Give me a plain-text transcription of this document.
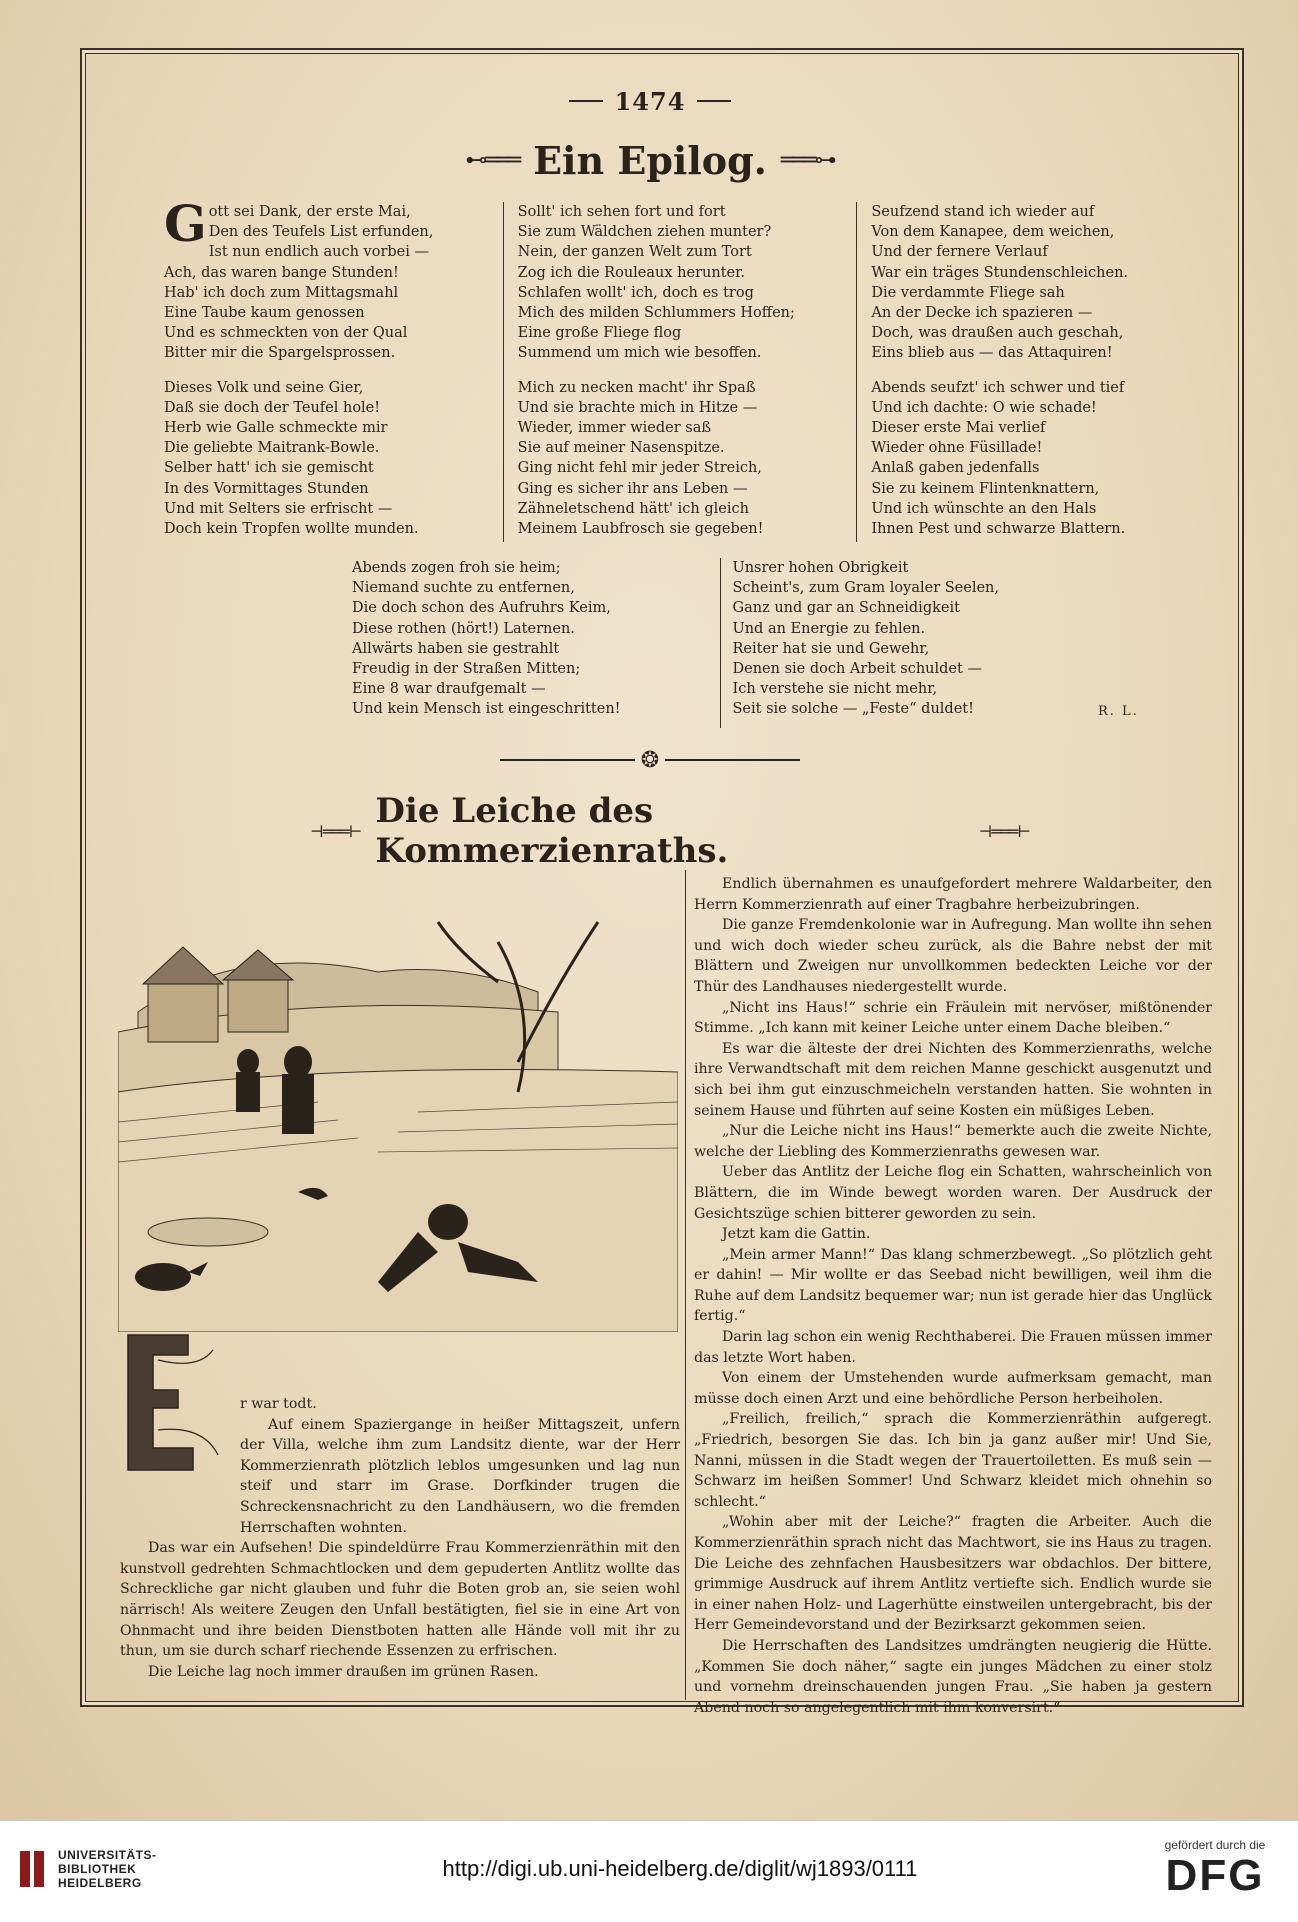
1474
⊷═══ Ein Epilog. ═══⊶
Gott sei Dank, der erste Mai,
Den des Teufels List erfunden,
Ist nun endlich auch vorbei —
Ach, das waren bange Stunden!
Hab' ich doch zum Mittagsmahl
Eine Taube kaum genossen
Und es schmeckten von der Qual
Bitter mir die Spargelsprossen.
Dieses Volk und seine Gier,
Daß sie doch der Teufel hole!
Herb wie Galle schmeckte mir
Die geliebte Maitrank-Bowle.
Selber hatt' ich sie gemischt
In des Vormittages Stunden
Und mit Selters sie erfrischt —
Doch kein Tropfen wollte munden.
Sollt' ich sehen fort und fort
Sie zum Wäldchen ziehen munter?
Nein, der ganzen Welt zum Tort
Zog ich die Rouleaux herunter.
Schlafen wollt' ich, doch es trog
Mich des milden Schlummers Hoffen;
Eine große Fliege flog
Summend um mich wie besoffen.
Mich zu necken macht' ihr Spaß
Und sie brachte mich in Hitze —
Wieder, immer wieder saß
Sie auf meiner Nasenspitze.
Ging nicht fehl mir jeder Streich,
Ging es sicher ihr ans Leben —
Zähneletschend hätt' ich gleich
Meinem Laubfrosch sie gegeben!
Seufzend stand ich wieder auf
Von dem Kanapee, dem weichen,
Und der fernere Verlauf
War ein träges Stundenschleichen.
Die verdammte Fliege sah
An der Decke ich spazieren —
Doch, was draußen auch geschah,
Eins blieb aus — das Attaquiren!
Abends seufzt' ich schwer und tief
Und ich dachte: O wie schade!
Dieser erste Mai verlief
Wieder ohne Füsillade!
Anlaß gaben jedenfalls
Sie zu keinem Flintenknattern,
Und ich wünschte an den Hals
Ihnen Pest und schwarze Blattern.
Abends zogen froh sie heim;
Niemand suchte zu entfernen,
Die doch schon des Aufruhrs Keim,
Diese rothen (hört!) Laternen.
Allwärts haben sie gestrahlt
Freudig in der Straßen Mitten;
Eine 8 war draufgemalt —
Und kein Mensch ist eingeschritten!
Unsrer hohen Obrigkeit
Scheint's, zum Gram loyaler Seelen,
Ganz und gar an Schneidigkeit
Und an Energie zu fehlen.
Reiter hat sie und Gewehr,
Denen sie doch Arbeit schuldet —
Ich verstehe sie nicht mehr,
Seit sie solche — „Feste“ duldet!	R. L.
❂
⊣═══⊢ Die Leiche des Kommerzienraths.	⊣═══⊢

r war todt.

Auf einem Spaziergange in heißer Mittagszeit, unfern der Villa, welche ihm zum Landsitz diente, war der Herr Kommerzienrath plötzlich leblos umgesunken und lag nun steif und starr im Grase. Dorfkinder trugen die Schreckensnachricht zu den Landhäusern, wo die fremden Herrschaften wohnten.

Das war ein Aufsehen! Die spindeldürre Frau Kommerzienräthin mit den kunstvoll gedrehten Schmachtlocken und dem gepuderten Antlitz wollte das Schreckliche gar nicht glauben und fuhr die Boten grob an, sie seien wohl närrisch! Als weitere Zeugen den Unfall bestätigten, fiel sie in eine Art von Ohnmacht und ihre beiden Dienstboten hatten alle Hände voll mit ihr zu thun, um sie durch scharf riechende Essenzen zu erfrischen.

Die Leiche lag noch immer draußen im grünen Rasen.

Endlich übernahmen es unaufgefordert mehrere Waldarbeiter, den Herrn Kommerzienrath auf einer Tragbahre herbeizubringen.

Die ganze Fremdenkolonie war in Aufregung. Man wollte ihn sehen und wich doch wieder scheu zurück, als die Bahre nebst der mit Blättern und Zweigen nur unvollkommen bedeckten Leiche vor der Thür des Landhauses niedergestellt wurde.

„Nicht ins Haus!“ schrie ein Fräulein mit nervöser, mißtönender Stimme. „Ich kann mit keiner Leiche unter einem Dache bleiben.“

Es war die älteste der drei Nichten des Kommerzienraths, welche ihre Verwandtschaft mit dem reichen Manne geschickt ausgenutzt und sich bei ihm gut einzuschmeicheln verstanden hatten. Sie wohnten in seinem Hause und führten auf seine Kosten ein müßiges Leben.

„Nur die Leiche nicht ins Haus!“ bemerkte auch die zweite Nichte, welche der Liebling des Kommerzienraths gewesen war.

Ueber das Antlitz der Leiche flog ein Schatten, wahrscheinlich von Blättern, die im Winde bewegt worden waren. Der Ausdruck der Gesichtszüge schien bitterer geworden zu sein.

Jetzt kam die Gattin.

„Mein armer Mann!“ Das klang schmerzbewegt. „So plötzlich geht er dahin! — Mir wollte er das Seebad nicht bewilligen, weil ihm die Ruhe auf dem Landsitz bequemer war; nun ist gerade hier das Unglück fertig.“

Darin lag schon ein wenig Rechthaberei. Die Frauen müssen immer das letzte Wort haben.

Von einem der Umstehenden wurde aufmerksam gemacht, man müsse doch einen Arzt und eine behördliche Person herbeiholen.

„Freilich, freilich,“ sprach die Kommerzienräthin aufgeregt. „Friedrich, besorgen Sie das. Ich bin ja ganz außer mir! Und Sie, Nanni, müssen in die Stadt wegen der Trauertoiletten. Es muß sein — Schwarz im heißen Sommer! Und Schwarz kleidet mich ohnehin so schlecht.“

„Wohin aber mit der Leiche?“ fragten die Arbeiter. Auch die Kommerzienräthin sprach nicht das Machtwort, sie ins Haus zu tragen. Die Leiche des zehnfachen Hausbesitzers war obdachlos. Der bittere, grimmige Ausdruck auf ihrem Antlitz vertiefte sich. Endlich wurde sie in einer nahen Holz- und Lagerhütte einstweilen untergebracht, bis der Herr Gemeindevorstand und der Bezirksarzt gekommen seien.

Die Herrschaften des Landsitzes umdrängten neugierig die Hütte. „Kommen Sie doch näher,“ sagte ein junges Mädchen zu einer stolz und vornehm dreinschauenden jungen Frau. „Sie haben ja gestern Abend noch so angelegentlich mit ihm konversirt.“

UNIVERSITÄTS-
BIBLIOTHEK
HEIDELBERG
http://digi.ub.uni-heidelberg.de/diglit/wj1893/0111
gefördert durch die
DFG
